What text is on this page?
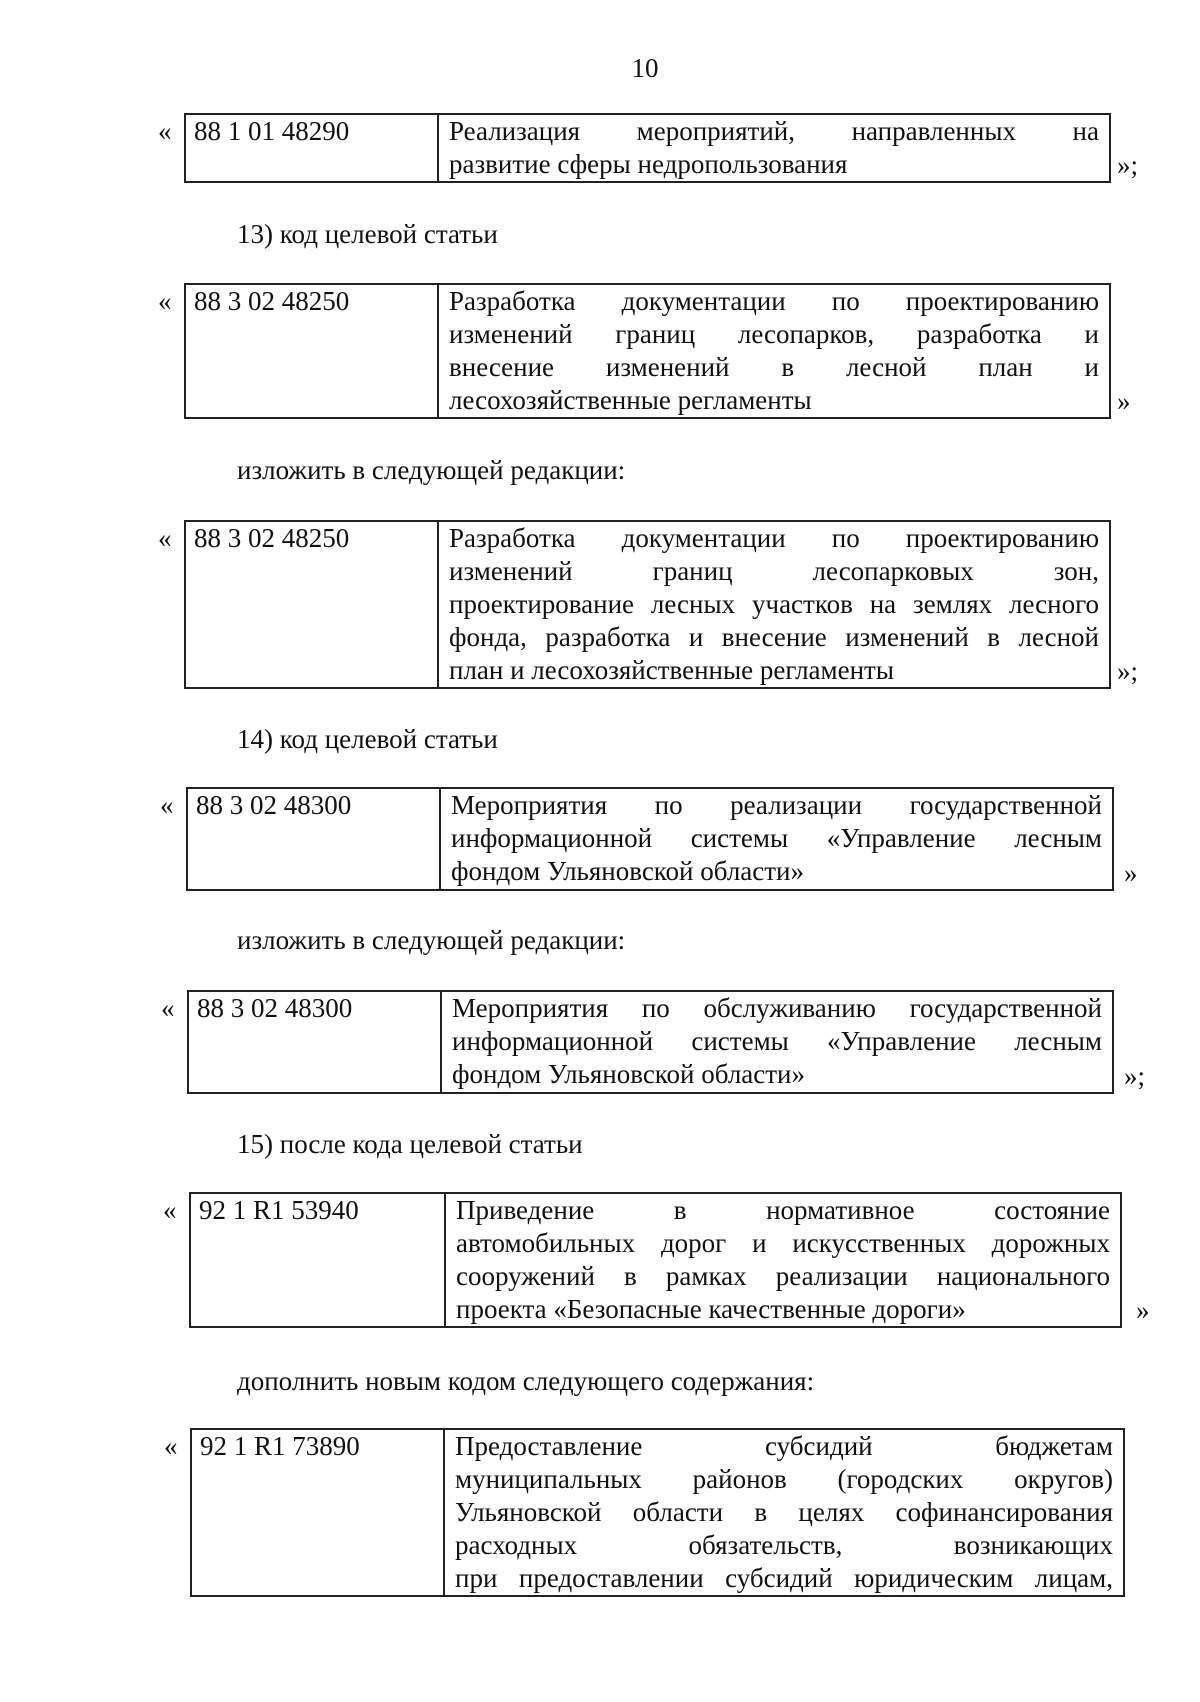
10
« 88 1 01 48290	Реализация мероприятий, направленных на
развитие сферы недропользования	»;
13) код целевой статьи
« 88 3 02 48250	Разработка документации по проектированию
изменений границ лесопарков, разработка и
внесение изменений в лесной план и
лесохозяйственные регламенты	»
изложить в следующей редакции:
« 88 3 02 48250	Разработка документации по проектированию
изменений границ лесопарковых зон,
проектирование лесных участков на землях лесного
фонда, разработка и внесение изменений в лесной
план и лесохозяйственные регламенты	»;
14) код целевой статьи
« 88 3 02 48300	Мероприятия по реализации государственной
информационной системы «Управление лесным
фондом Ульяновской области»	»
изложить в следующей редакции:
« 88 3 02 48300	Мероприятия по обслуживанию государственной
информационной системы «Управление лесным
фондом Ульяновской области»	»;
15) после кода целевой статьи
« 92 1 R1 53940	Приведение в нормативное состояние
автомобильных дорог и искусственных дорожных
сооружений в рамках реализации национального
проекта «Безопасные качественные дороги»	»
дополнить новым кодом следующего содержания:
« 92 1 R1 73890	Предоставление субсидий бюджетам
муниципальных районов (городских округов)
Ульяновской области в целях софинансирования
расходных обязательств, возникающих
при предоставлении субсидий юридическим лицам,
